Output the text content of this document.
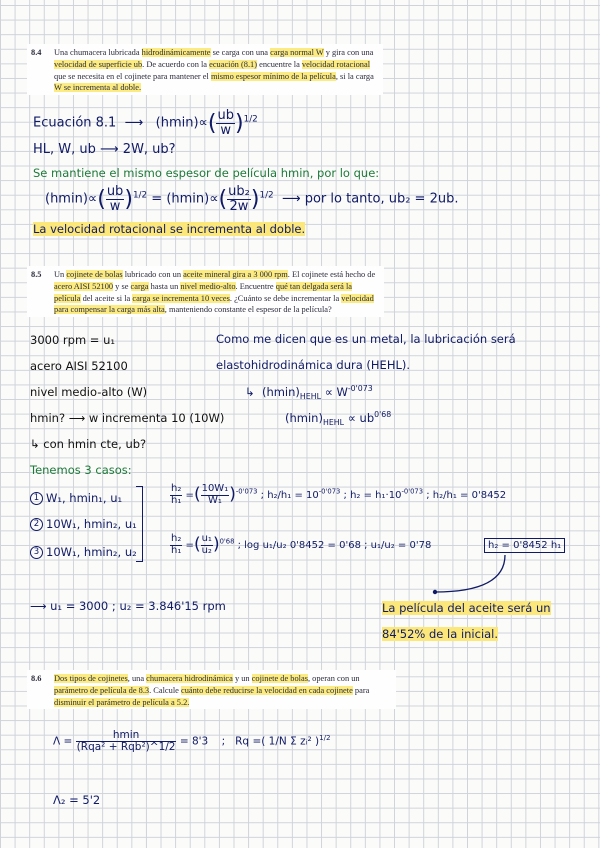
8.4 Una chumacera lubricada hidrodinámicamente se carga con una carga normal W y gira con una
velocidad de superficie ub. De acuerdo con la ecuación (8.1) encuentre la velocidad rotacional
que se necesita en el cojinete para mantener el mismo espesor mínimo de la película, si la carga
W se incrementa al doble.
Ecuación 8.1 ⟶ $(hmin)\propto( \frac{ub}{w} )^{1/2}$
HL, W, ub ⟶ 2W, ub?
Se mantiene el mismo espesor de película hmin, por lo que:
$(hmin)\propto( \frac{ub}{w} )^{1/2} = (hmin)\propto( \frac{\text{ub₂}}{2w} )^{1/2}$ ⟶ por lo tanto, ub₂ = 2ub.
La velocidad rotacional se incrementa al doble.
8.5 Un cojinete de bolas lubricado con un aceite mineral gira a 3 000 rpm. El cojinete está hecho de
acero AISI 52100 y se carga hasta un nivel medio-alto. Encuentre qué tan delgada será la
película del aceite si la carga se incrementa 10 veces. ¿Cuánto se debe incrementar la velocidad
para compensar la carga más alta, manteniendo constante el espesor de la película?
3000 rpm = u₁
acero AISI 52100
nivel medio-alto (W)
hmin? ⟶ w incrementa 10 (10W)
↳ con hmin cte, ub?
Como me dicen que es un metal, la lubricación será
elastohidrodinámica dura (HEHL).
↳ $(hmin)_{HEHL} \propto W^{-0'073}$
$(hmin)_{HEHL} \propto ub^{0'68}$
Tenemos 3 casos:
1 W₁, hmin₁, u₁
2 10W₁, hmin₂, u₁
3 10W₁, hmin₂, u₂
$\frac{\text{h₂}}{\text{h₁}}$ =( $\frac{\text{10W₁}}{\text{W₁}} )^{-0'073}$ ; $h_2/h_1 = 10^{-0'073}$ ; $h_2 = h_1\cdot 10^{-0'073}$ ; h₂/h₁ = 0'8452
$\frac{\text{h₂}}{\text{h₁}}$ =( $\frac{\text{u₁}}{\text{u₂}} )^{0'68}$ ; log u₁/u₂ 0'8452 = 0'68 ; u₁/u₂ = 0'78	h₂ = 0'8452 h₁
⟶ u₁ = 3000 ; u₂ = 3.846'15 rpm	La película del aceite será un
84'52% de la inicial.
8.6 Dos tipos de cojinetes, una chumacera hidrodinámica y un cojinete de bolas, operan con un
parámetro de película de 8.3. Calcule cuánto debe reducirse la velocidad en cada cojinete para
disminuir el parámetro de película a 5.2.
$\Lambda = \frac{hmin}{\text{(Rqa² + Rqb²)\textasciicircum{}1/2}} = 8'3$ ; Rq =( 1/N Σ zᵢ² )$^{1/2}$
Λ₂ = 5'2
